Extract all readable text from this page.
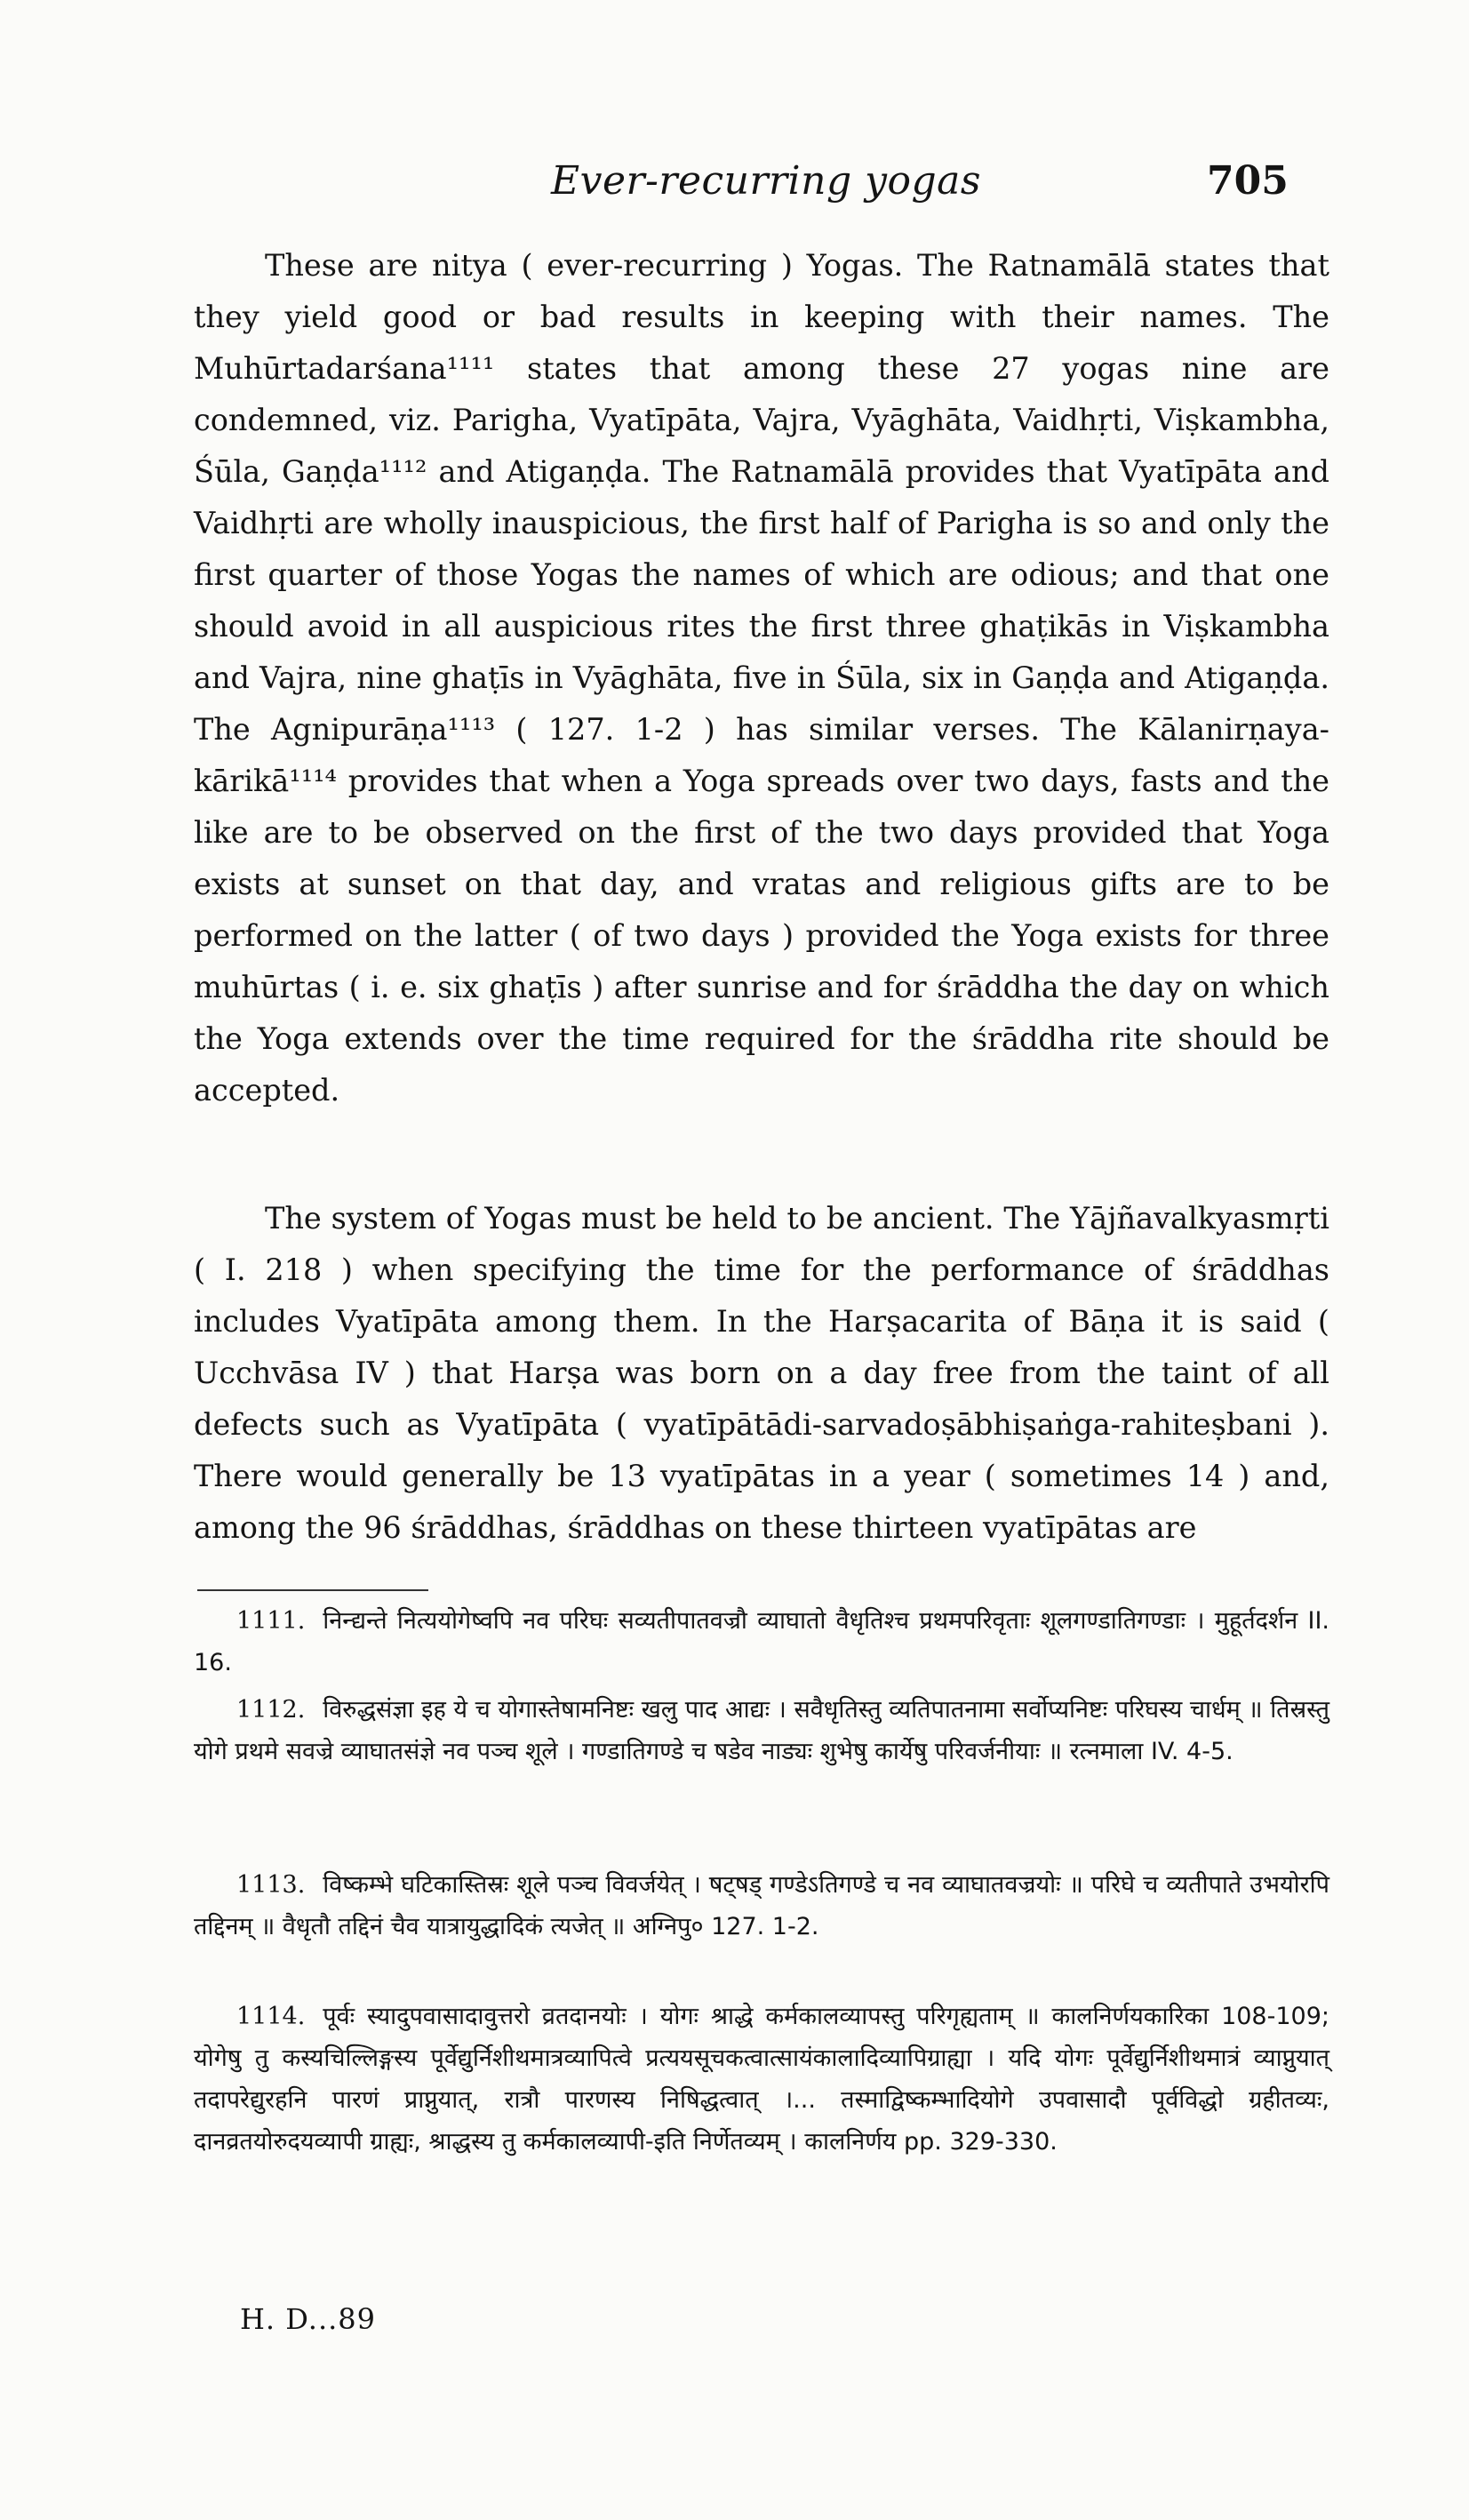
Ever-recurring yogas	705

These are nitya ( ever-recurring ) Yogas. The Ratnamālā states that they yield good or bad results in keeping with their names. The Muhūrtadarśana¹¹¹¹ states that among these 27 yogas nine are condemned, viz. Parigha, Vyatīpāta, Vajra, Vyāghāta, Vaidhṛti, Viṣkambha, Śūla, Gaṇḍa¹¹¹² and Atigaṇḍa. The Ratnamālā provides that Vyatīpāta and Vaidhṛti are wholly inauspicious, the first half of Parigha is so and only the first quarter of those Yogas the names of which are odious; and that one should avoid in all auspicious rites the first three ghaṭikās in Viṣkambha and Vajra, nine ghaṭīs in Vyāghāta, five in Śūla, six in Gaṇḍa and Atigaṇḍa. The Agnipurāṇa¹¹¹³ ( 127. 1-2 ) has similar verses. The Kālanirṇaya-kārikā¹¹¹⁴ provides that when a Yoga spreads over two days, fasts and the like are to be observed on the first of the two days provided that Yoga exists at sunset on that day, and vratas and religious gifts are to be performed on the latter ( of two days ) provided the Yoga exists for three muhūrtas ( i. e. six ghaṭīs ) after sunrise and for śrāddha the day on which the Yoga extends over the time required for the śrāddha rite should be accepted.

The system of Yogas must be held to be ancient. The Yājñavalkyasmṛti ( I. 218 ) when specifying the time for the performance of śrāddhas includes Vyatīpāta among them. In the Harṣacarita of Bāṇa it is said ( Ucchvāsa IV ) that Harṣa was born on a day free from the taint of all defects such as Vyatīpāta ( vyatīpātādi-sarvadoṣābhiṣaṅga-rahiteṣbani ). There would generally be 13 vyatīpātas in a year ( sometimes 14 ) and, among the 96 śrāddhas, śrāddhas on these thirteen vyatīpātas are

1111. निन्द्यन्ते नित्ययोगेष्वपि नव परिघः सव्यतीपातवज्रौ व्याघातो वैधृतिश्च प्रथमपरिवृताः शूलगण्डातिगण्डाः । मुहूर्तदर्शन II. 16.

1112. विरुद्धसंज्ञा इह ये च योगास्तेषामनिष्टः खलु पाद आद्यः । सवैधृतिस्तु व्यतिपातनामा सर्वोप्यनिष्टः परिघस्य चार्धम् ॥ तिस्रस्तु योगे प्रथमे सवज्रे व्याघातसंज्ञे नव पञ्च शूले । गण्डातिगण्डे च षडेव नाड्यः शुभेषु कार्येषु परिवर्जनीयाः ॥ रत्नमाला IV. 4-5.

1113. विष्कम्भे घटिकास्तिस्रः शूले पञ्च विवर्जयेत् । षट्षड् गण्डेऽतिगण्डे च नव व्याघातवज्रयोः ॥ परिघे च व्यतीपाते उभयोरपि तद्दिनम् ॥ वैधृतौ तद्दिनं चैव यात्रायुद्धादिकं त्यजेत् ॥ अग्निपु० 127. 1-2.

1114. पूर्वः स्यादुपवासादावुत्तरो व्रतदानयोः । योगः श्राद्धे कर्मकालव्यापस्तु परिगृह्यताम् ॥ कालनिर्णयकारिका 108-109; योगेषु तु कस्यचिल्लिङ्गस्य पूर्वेद्युर्निशीथमात्रव्यापित्वे प्रत्ययसूचकत्वात्सायंकालादिव्यापिग्राह्या । यदि योगः पूर्वेद्युर्निशीथमात्रं व्याप्नुयात् तदापरेद्युरहनि पारणं प्राप्नुयात्, रात्रौ पारणस्य निषिद्धत्वात् ।... तस्माद्विष्कम्भादियोगे उपवासादौ पूर्वविद्धो ग्रहीतव्यः, दानव्रतयोरुदयव्यापी ग्राह्यः, श्राद्धस्य तु कर्मकालव्यापी-इति निर्णेतव्यम् । कालनिर्णय pp. 329-330.

H. D...89
